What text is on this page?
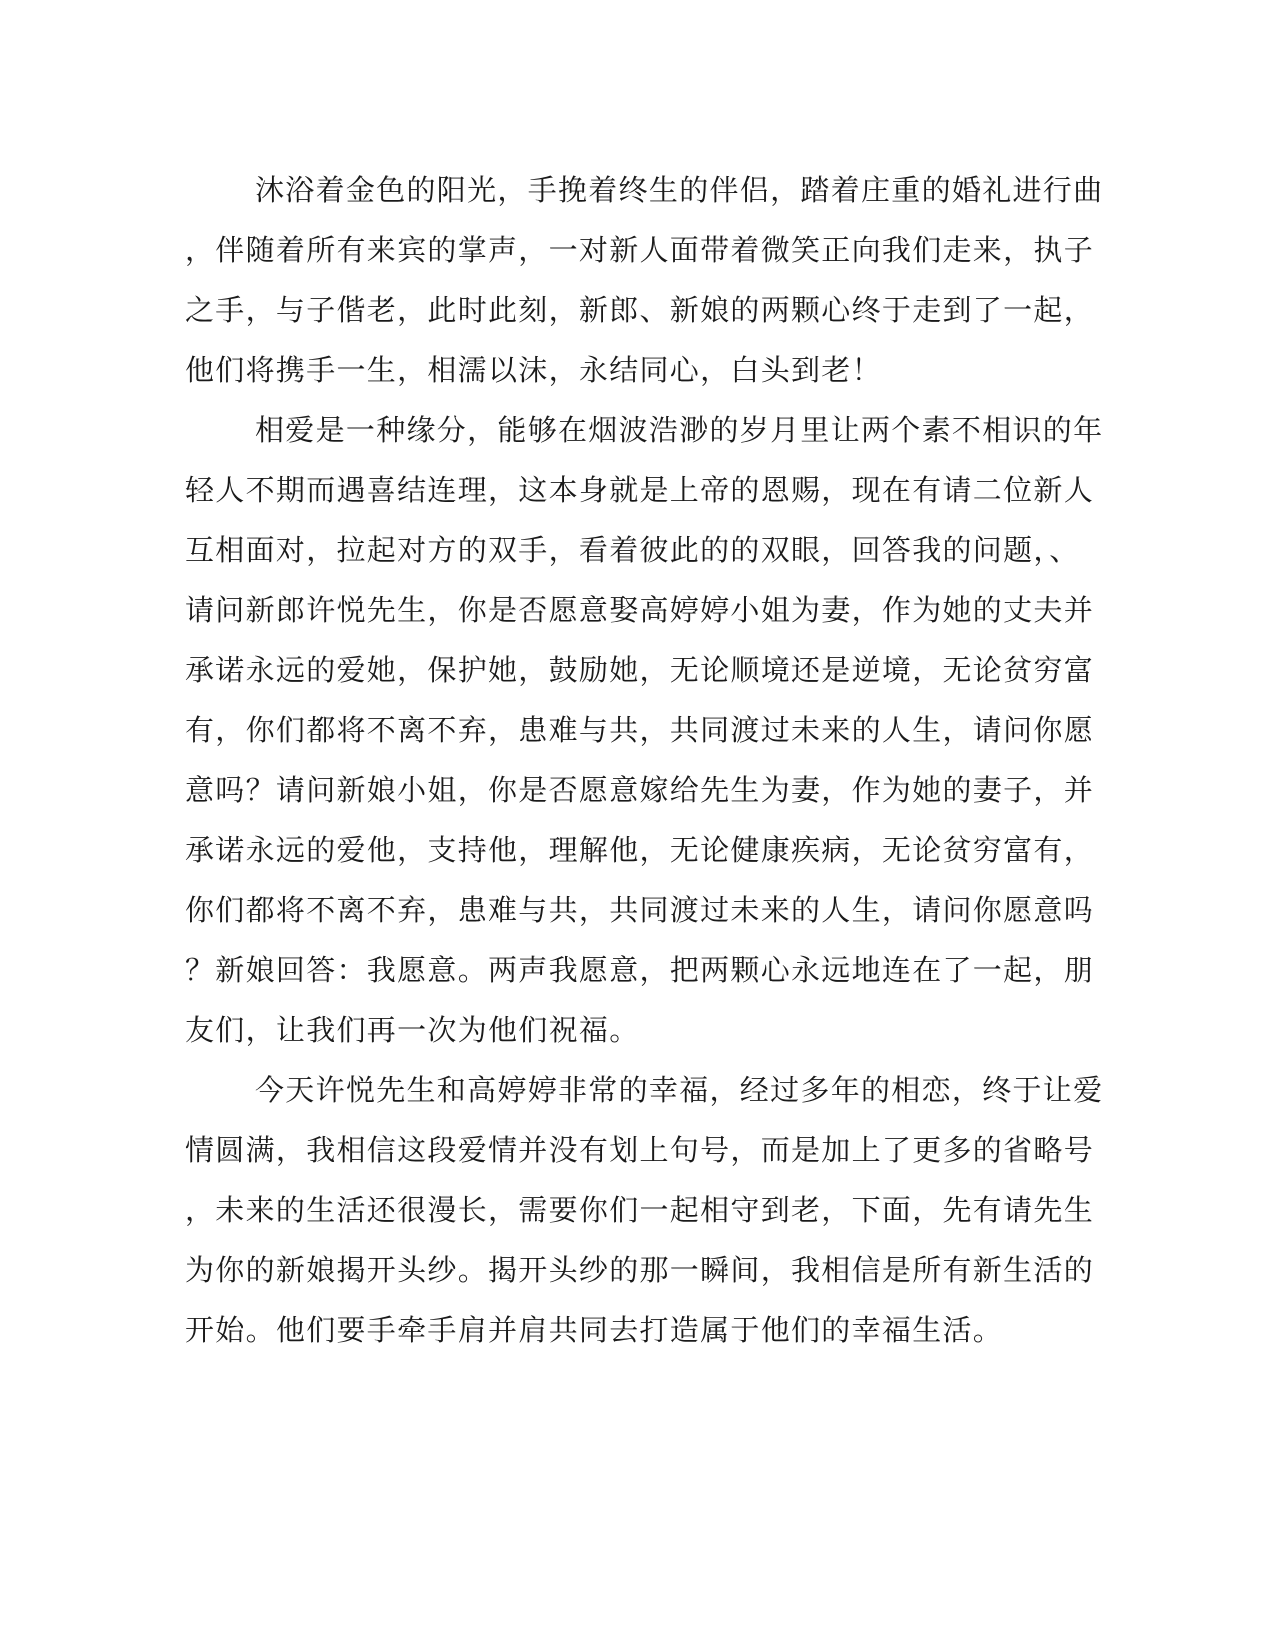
沐浴着金色的阳光，手挽着终生的伴侣，踏着庄重的婚礼进行曲
，伴随着所有来宾的掌声，一对新人面带着微笑正向我们走来，执子
之手，与子偕老，此时此刻，新郎、新娘的两颗心终于走到了一起，
他们将携手一生，相濡以沫，永结同心，白头到老！
相爱是一种缘分，能够在烟波浩渺的岁月里让两个素不相识的年
轻人不期而遇喜结连理，这本身就是上帝的恩赐，现在有请二位新人
互相面对，拉起对方的双手，看着彼此的的双眼，回答我的问题，、
请问新郎许悦先生，你是否愿意娶高婷婷小姐为妻，作为她的丈夫并
承诺永远的爱她，保护她，鼓励她，无论顺境还是逆境，无论贫穷富
有，你们都将不离不弃，患难与共，共同渡过未来的人生，请问你愿
意吗？请问新娘小姐，你是否愿意嫁给先生为妻，作为她的妻子，并
承诺永远的爱他，支持他，理解他，无论健康疾病，无论贫穷富有，
你们都将不离不弃，患难与共，共同渡过未来的人生，请问你愿意吗
？新娘回答：我愿意。两声我愿意，把两颗心永远地连在了一起，朋
友们，让我们再一次为他们祝福。
今天许悦先生和高婷婷非常的幸福，经过多年的相恋，终于让爱
情圆满，我相信这段爱情并没有划上句号，而是加上了更多的省略号
，未来的生活还很漫长，需要你们一起相守到老，下面，先有请先生
为你的新娘揭开头纱。揭开头纱的那一瞬间，我相信是所有新生活的
开始。他们要手牵手肩并肩共同去打造属于他们的幸福生活。
